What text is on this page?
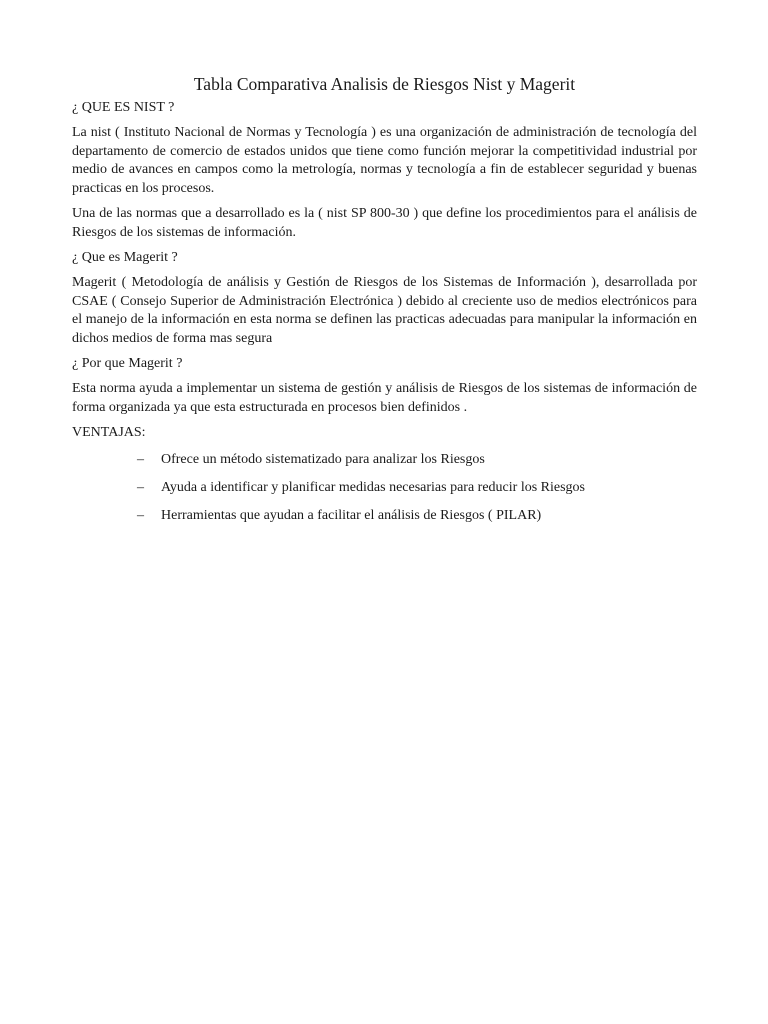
Tabla Comparativa Analisis de Riesgos Nist y Magerit

¿ QUE ES NIST ?

La nist ( Instituto Nacional de Normas y Tecnología ) es una organización de administración de tecnología del departamento de comercio de estados unidos que tiene como función mejorar la competitividad industrial por medio de avances en campos como la metrología, normas y tecnología a fin de establecer seguridad y buenas practicas en los procesos.

Una de las normas que a desarrollado es la ( nist SP 800-30 ) que define los procedimientos para el análisis de Riesgos de los sistemas de información.

¿ Que es Magerit ?

Magerit ( Metodología de análisis y Gestión de Riesgos de los Sistemas de Información ), desarrollada por CSAE ( Consejo Superior de Administración Electrónica ) debido al creciente uso de medios electrónicos para el manejo de la información en esta norma se definen las practicas adecuadas para manipular la información en dichos medios de forma mas segura

¿ Por que Magerit ?

Esta norma ayuda a implementar un sistema de gestión y análisis de Riesgos de los sistemas de información de forma organizada ya que esta estructurada en procesos bien definidos .

VENTAJAS:

–	Ofrece un método sistematizado para analizar los Riesgos
–	Ayuda a identificar y planificar medidas necesarias para reducir los Riesgos
–	Herramientas que ayudan a facilitar el análisis de Riesgos ( PILAR)
